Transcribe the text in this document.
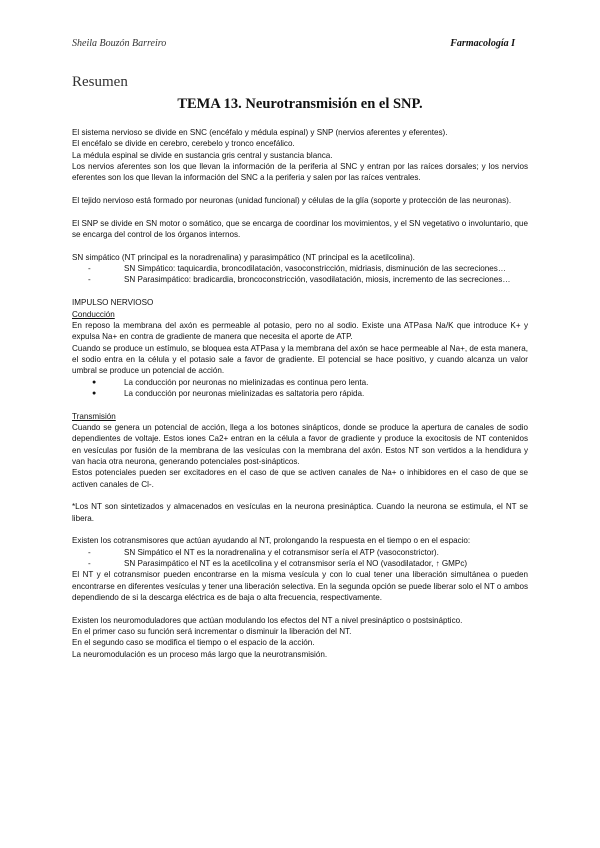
Sheila Bouzón Barreiro	Farmacología I
Resumen
TEMA 13. Neurotransmisión en el SNP.

El sistema nervioso se divide en SNC (encéfalo y médula espinal) y SNP (nervios aferentes y eferentes).

El encéfalo se divide en cerebro, cerebelo y tronco encefálico.

La médula espinal se divide en sustancia gris central y sustancia blanca.

Los nervios aferentes son los que llevan la información de la periferia al SNC y entran por las raíces dorsales; y los nervios eferentes son los que llevan la información del SNC a la periferia y salen por las raíces ventrales.

El tejido nervioso está formado por neuronas (unidad funcional) y células de la glía (soporte y protección de las neuronas).

El SNP se divide en SN motor o somático, que se encarga de coordinar los movimientos, y el SN vegetativo o involuntario, que se encarga del control de los órganos internos.

SN simpático (NT principal es la noradrenalina) y parasimpático (NT principal es la acetilcolina).

-	SN Simpático: taquicardia, broncodilatación, vasoconstricción, midriasis, disminución de las secreciones…
-	SN Parasimpático: bradicardia, broncoconstricción, vasodilatación, miosis, incremento de las secreciones…

IMPULSO NERVIOSO

Conducción

En reposo la membrana del axón es permeable al potasio, pero no al sodio. Existe una ATPasa Na/K que introduce K+ y expulsa Na+ en contra de gradiente de manera que necesita el aporte de ATP.

Cuando se produce un estímulo, se bloquea esta ATPasa y la membrana del axón se hace permeable al Na+, de esta manera, el sodio entra en la célula y el potasio sale a favor de gradiente. El potencial se hace positivo, y cuando alcanza un valor umbral se produce un potencial de acción.

●	La conducción por neuronas no mielinizadas es continua pero lenta.
●	La conducción por neuronas mielinizadas es saltatoria pero rápida.

Transmisión

Cuando se genera un potencial de acción, llega a los botones sinápticos, donde se produce la apertura de canales de sodio dependientes de voltaje. Estos iones Ca2+ entran en la célula a favor de gradiente y produce la exocitosis de NT contenidos en vesículas por fusión de la membrana de las vesículas con la membrana del axón. Estos NT son vertidos a la hendidura y van hacia otra neurona, generando potenciales post-sinápticos.

Estos potenciales pueden ser excitadores en el caso de que se activen canales de Na+ o inhibidores en el caso de que se activen canales de Cl-.

*Los NT son sintetizados y almacenados en vesículas en la neurona presináptica. Cuando la neurona se estimula, el NT se libera.

Existen los cotransmisores que actúan ayudando al NT, prolongando la respuesta en el tiempo o en el espacio:

-	SN Simpático el NT es la noradrenalina y el cotransmisor sería el ATP (vasoconstrictor).
-	SN Parasimpático el NT es la acetilcolina y el cotransmisor sería el NO (vasodilatador, ↑ GMPc)

El NT y el cotransmisor pueden encontrarse en la misma vesícula y con lo cual tener una liberación simultánea o pueden encontrarse en diferentes vesículas y tener una liberación selectiva. En la segunda opción se puede liberar solo el NT o ambos dependiendo de si la descarga eléctrica es de baja o alta frecuencia, respectivamente.

Existen los neuromoduladores que actúan modulando los efectos del NT a nivel presináptico o postsináptico.

En el primer caso su función será incrementar o disminuir la liberación del NT.

En el segundo caso se modifica el tiempo o el espacio de la acción.

La neuromodulación es un proceso más largo que la neurotransmisión.
